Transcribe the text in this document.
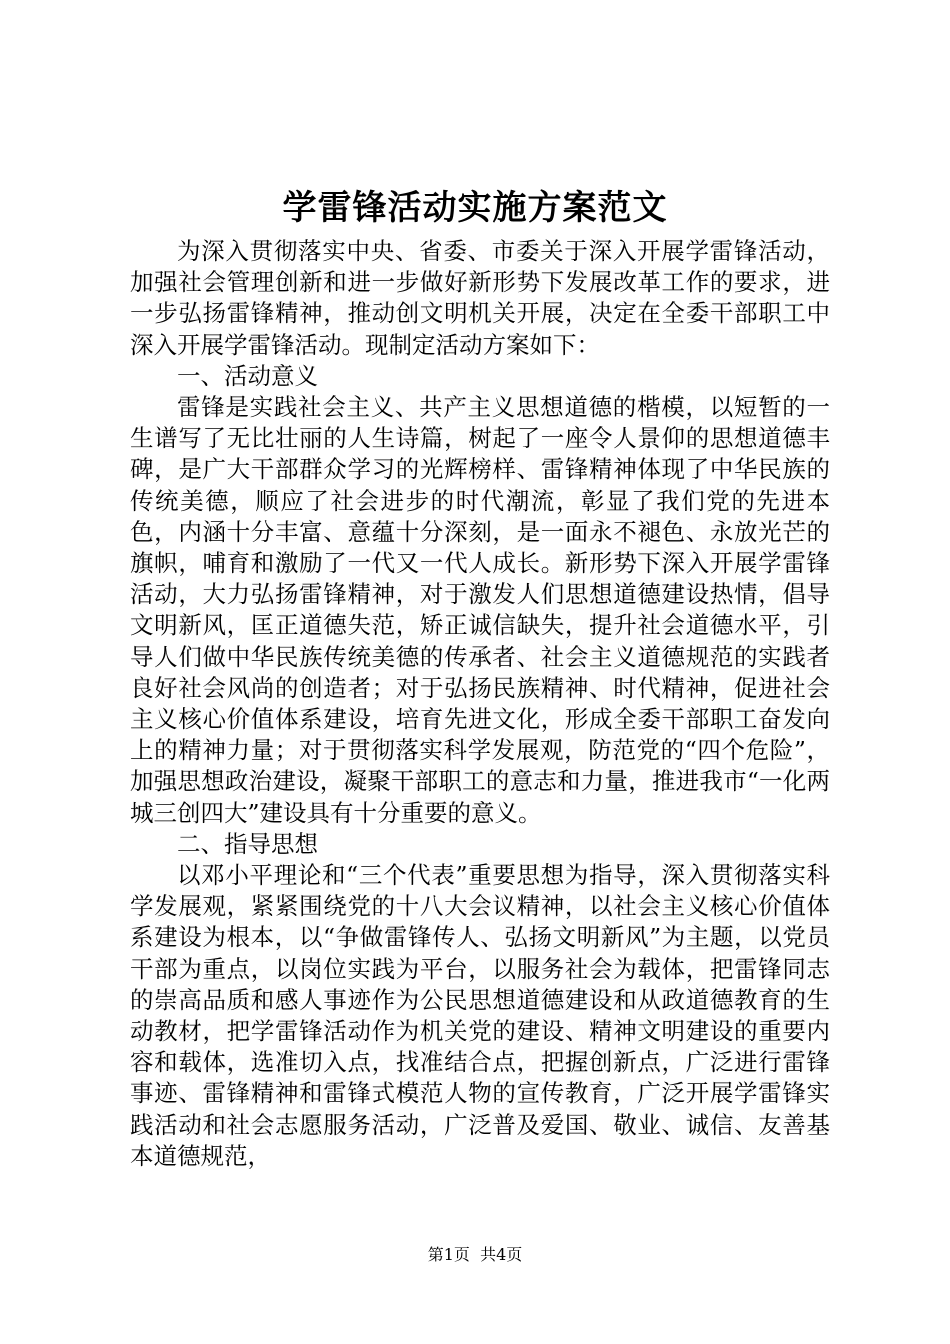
学雷锋活动实施方案范文

为深入贯彻落实中央、省委、市委关于深入开展学雷锋活动，加强社会管理创新和进一步做好新形势下发展改革工作的要求，进一步弘扬雷锋精神，推动创文明机关开展，决定在全委干部职工中深入开展学雷锋活动。现制定活动方案如下：

一、活动意义

雷锋是实践社会主义、共产主义思想道德的楷模，以短暂的一生谱写了无比壮丽的人生诗篇，树起了一座令人景仰的思想道德丰碑，是广大干部群众学习的光辉榜样、雷锋精神体现了中华民族的传统美德，顺应了社会进步的时代潮流，彰显了我们党的先进本色，内涵十分丰富、意蕴十分深刻，是一面永不褪色、永放光芒的旗帜，哺育和激励了一代又一代人成长。新形势下深入开展学雷锋活动，大力弘扬雷锋精神，对于激发人们思想道德建设热情，倡导文明新风，匡正道德失范，矫正诚信缺失，提升社会道德水平，引导人们做中华民族传统美德的传承者、社会主义道德规范的实践者良好社会风尚的创造者；对于弘扬民族精神、时代精神，促进社会主义核心价值体系建设，培育先进文化，形成全委干部职工奋发向上的精神力量；对于贯彻落实科学发展观，防范党的“四个危险”，加强思想政治建设，凝聚干部职工的意志和力量，推进我市“一化两城三创四大”建设具有十分重要的意义。

二、指导思想

以邓小平理论和“三个代表”重要思想为指导，深入贯彻落实科学发展观，紧紧围绕党的十八大会议精神，以社会主义核心价值体系建设为根本，以“争做雷锋传人、弘扬文明新风”为主题，以党员干部为重点，以岗位实践为平台，以服务社会为载体，把雷锋同志的崇高品质和感人事迹作为公民思想道德建设和从政道德教育的生动教材，把学雷锋活动作为机关党的建设、精神文明建设的重要内容和载体，选准切入点，找准结合点，把握创新点，广泛进行雷锋事迹、雷锋精神和雷锋式模范人物的宣传教育，广泛开展学雷锋实践活动和社会志愿服务活动，广泛普及爱国、敬业、诚信、友善基本道德规范，

第1页 共4页
